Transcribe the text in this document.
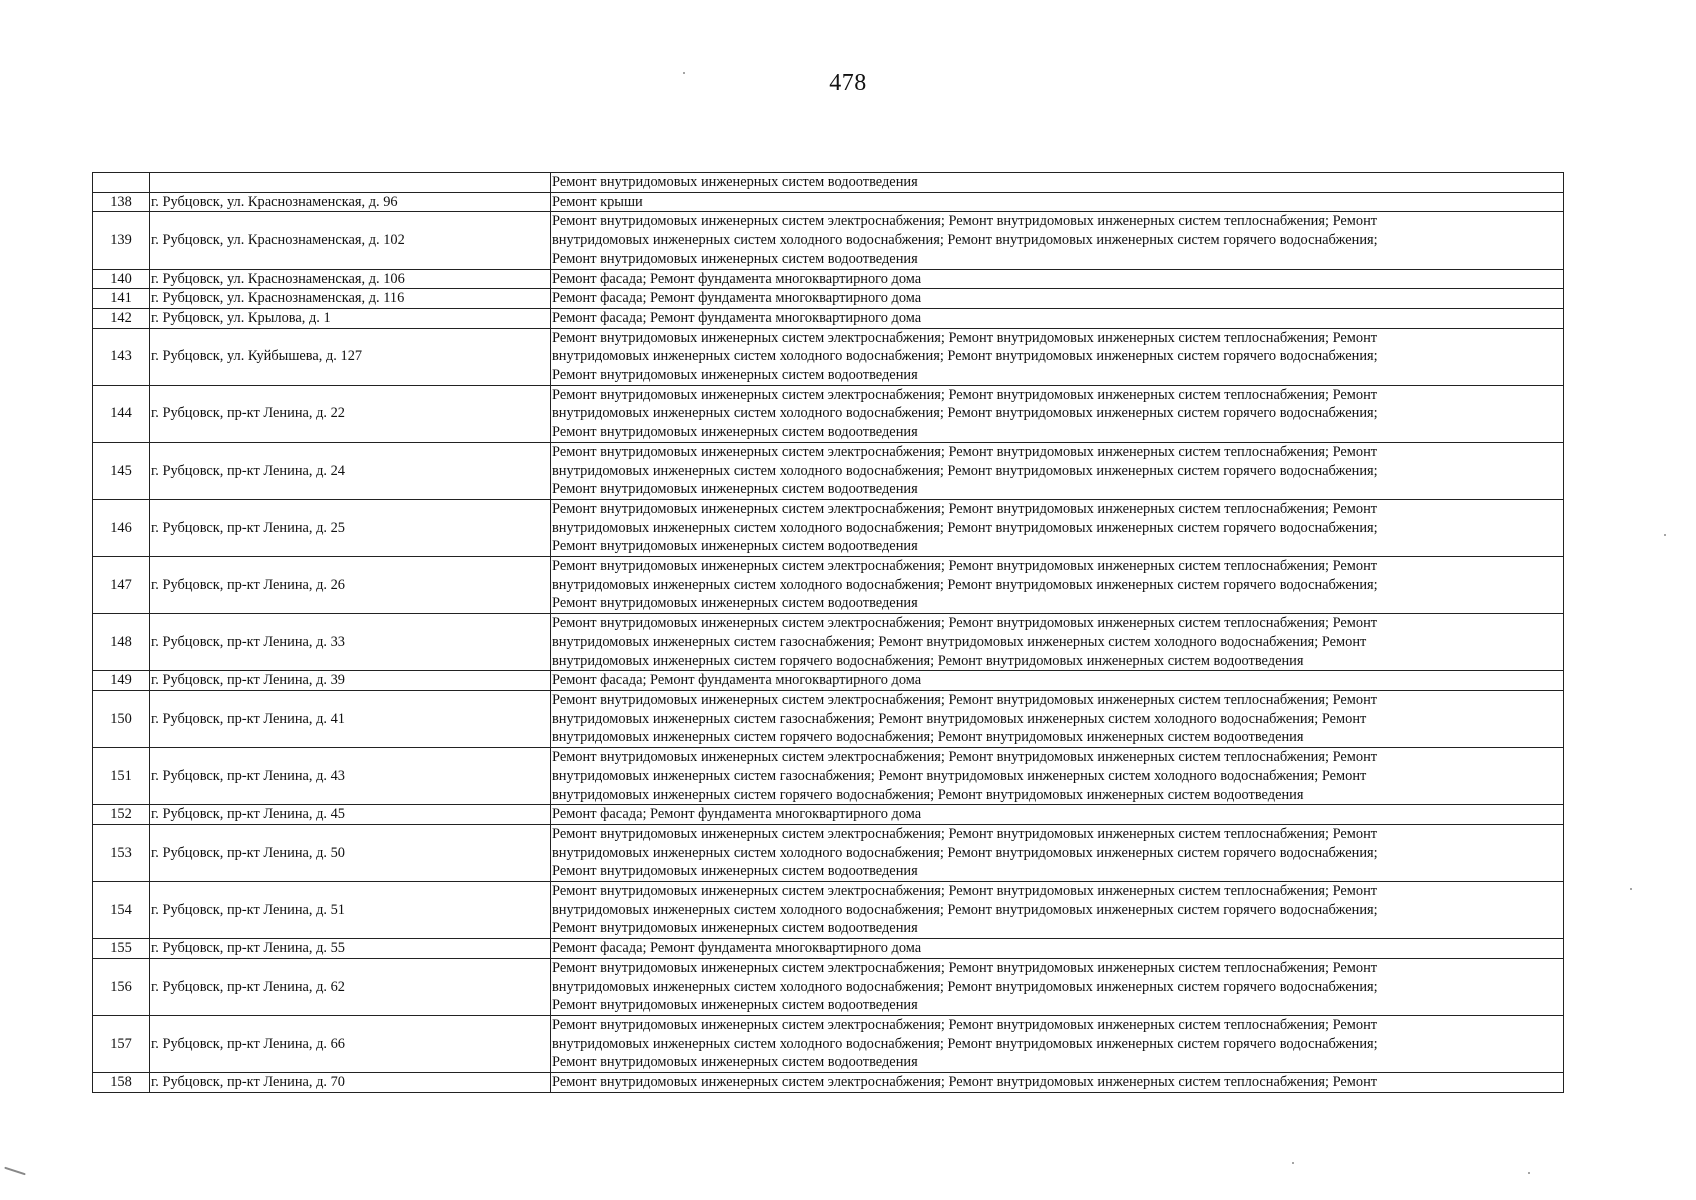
478

		Ремонт внутридомовых инженерных систем водоотведения

138	г. Рубцовск, ул. Краснознаменская, д. 96	Ремонт крыши

139	г. Рубцовск, ул. Краснознаменская, д. 102	Ремонт внутридомовых инженерных систем электроснабжения; Ремонт внутридомовых инженерных систем теплоснабжения; Ремонт
внутридомовых инженерных систем холодного водоснабжения; Ремонт внутридомовых инженерных систем горячего водоснабжения;
Ремонт внутридомовых инженерных систем водоотведения

140	г. Рубцовск, ул. Краснознаменская, д. 106	Ремонт фасада; Ремонт фундамента многоквартирного дома

141	г. Рубцовск, ул. Краснознаменская, д. 116	Ремонт фасада; Ремонт фундамента многоквартирного дома

142	г. Рубцовск, ул. Крылова, д. 1	Ремонт фасада; Ремонт фундамента многоквартирного дома

143	г. Рубцовск, ул. Куйбышева, д. 127	Ремонт внутридомовых инженерных систем электроснабжения; Ремонт внутридомовых инженерных систем теплоснабжения; Ремонт
внутридомовых инженерных систем холодного водоснабжения; Ремонт внутридомовых инженерных систем горячего водоснабжения;
Ремонт внутридомовых инженерных систем водоотведения

144	г. Рубцовск, пр-кт Ленина, д. 22	Ремонт внутридомовых инженерных систем электроснабжения; Ремонт внутридомовых инженерных систем теплоснабжения; Ремонт
внутридомовых инженерных систем холодного водоснабжения; Ремонт внутридомовых инженерных систем горячего водоснабжения;
Ремонт внутридомовых инженерных систем водоотведения

145	г. Рубцовск, пр-кт Ленина, д. 24	Ремонт внутридомовых инженерных систем электроснабжения; Ремонт внутридомовых инженерных систем теплоснабжения; Ремонт
внутридомовых инженерных систем холодного водоснабжения; Ремонт внутридомовых инженерных систем горячего водоснабжения;
Ремонт внутридомовых инженерных систем водоотведения

146	г. Рубцовск, пр-кт Ленина, д. 25	Ремонт внутридомовых инженерных систем электроснабжения; Ремонт внутридомовых инженерных систем теплоснабжения; Ремонт
внутридомовых инженерных систем холодного водоснабжения; Ремонт внутридомовых инженерных систем горячего водоснабжения;
Ремонт внутридомовых инженерных систем водоотведения

147	г. Рубцовск, пр-кт Ленина, д. 26	Ремонт внутридомовых инженерных систем электроснабжения; Ремонт внутридомовых инженерных систем теплоснабжения; Ремонт
внутридомовых инженерных систем холодного водоснабжения; Ремонт внутридомовых инженерных систем горячего водоснабжения;
Ремонт внутридомовых инженерных систем водоотведения

148	г. Рубцовск, пр-кт Ленина, д. 33	Ремонт внутридомовых инженерных систем электроснабжения; Ремонт внутридомовых инженерных систем теплоснабжения; Ремонт
внутридомовых инженерных систем газоснабжения; Ремонт внутридомовых инженерных систем холодного водоснабжения; Ремонт
внутридомовых инженерных систем горячего водоснабжения; Ремонт внутридомовых инженерных систем водоотведения

149	г. Рубцовск, пр-кт Ленина, д. 39	Ремонт фасада; Ремонт фундамента многоквартирного дома

150	г. Рубцовск, пр-кт Ленина, д. 41	Ремонт внутридомовых инженерных систем электроснабжения; Ремонт внутридомовых инженерных систем теплоснабжения; Ремонт
внутридомовых инженерных систем газоснабжения; Ремонт внутридомовых инженерных систем холодного водоснабжения; Ремонт
внутридомовых инженерных систем горячего водоснабжения; Ремонт внутридомовых инженерных систем водоотведения

151	г. Рубцовск, пр-кт Ленина, д. 43	Ремонт внутридомовых инженерных систем электроснабжения; Ремонт внутридомовых инженерных систем теплоснабжения; Ремонт
внутридомовых инженерных систем газоснабжения; Ремонт внутридомовых инженерных систем холодного водоснабжения; Ремонт
внутридомовых инженерных систем горячего водоснабжения; Ремонт внутридомовых инженерных систем водоотведения

152	г. Рубцовск, пр-кт Ленина, д. 45	Ремонт фасада; Ремонт фундамента многоквартирного дома

153	г. Рубцовск, пр-кт Ленина, д. 50	Ремонт внутридомовых инженерных систем электроснабжения; Ремонт внутридомовых инженерных систем теплоснабжения; Ремонт
внутридомовых инженерных систем холодного водоснабжения; Ремонт внутридомовых инженерных систем горячего водоснабжения;
Ремонт внутридомовых инженерных систем водоотведения

154	г. Рубцовск, пр-кт Ленина, д. 51	Ремонт внутридомовых инженерных систем электроснабжения; Ремонт внутридомовых инженерных систем теплоснабжения; Ремонт
внутридомовых инженерных систем холодного водоснабжения; Ремонт внутридомовых инженерных систем горячего водоснабжения;
Ремонт внутридомовых инженерных систем водоотведения

155	г. Рубцовск, пр-кт Ленина, д. 55	Ремонт фасада; Ремонт фундамента многоквартирного дома

156	г. Рубцовск, пр-кт Ленина, д. 62	Ремонт внутридомовых инженерных систем электроснабжения; Ремонт внутридомовых инженерных систем теплоснабжения; Ремонт
внутридомовых инженерных систем холодного водоснабжения; Ремонт внутридомовых инженерных систем горячего водоснабжения;
Ремонт внутридомовых инженерных систем водоотведения

157	г. Рубцовск, пр-кт Ленина, д. 66	Ремонт внутридомовых инженерных систем электроснабжения; Ремонт внутридомовых инженерных систем теплоснабжения; Ремонт
внутридомовых инженерных систем холодного водоснабжения; Ремонт внутридомовых инженерных систем горячего водоснабжения;
Ремонт внутридомовых инженерных систем водоотведения

158	г. Рубцовск, пр-кт Ленина, д. 70	Ремонт внутридомовых инженерных систем электроснабжения; Ремонт внутридомовых инженерных систем теплоснабжения; Ремонт
